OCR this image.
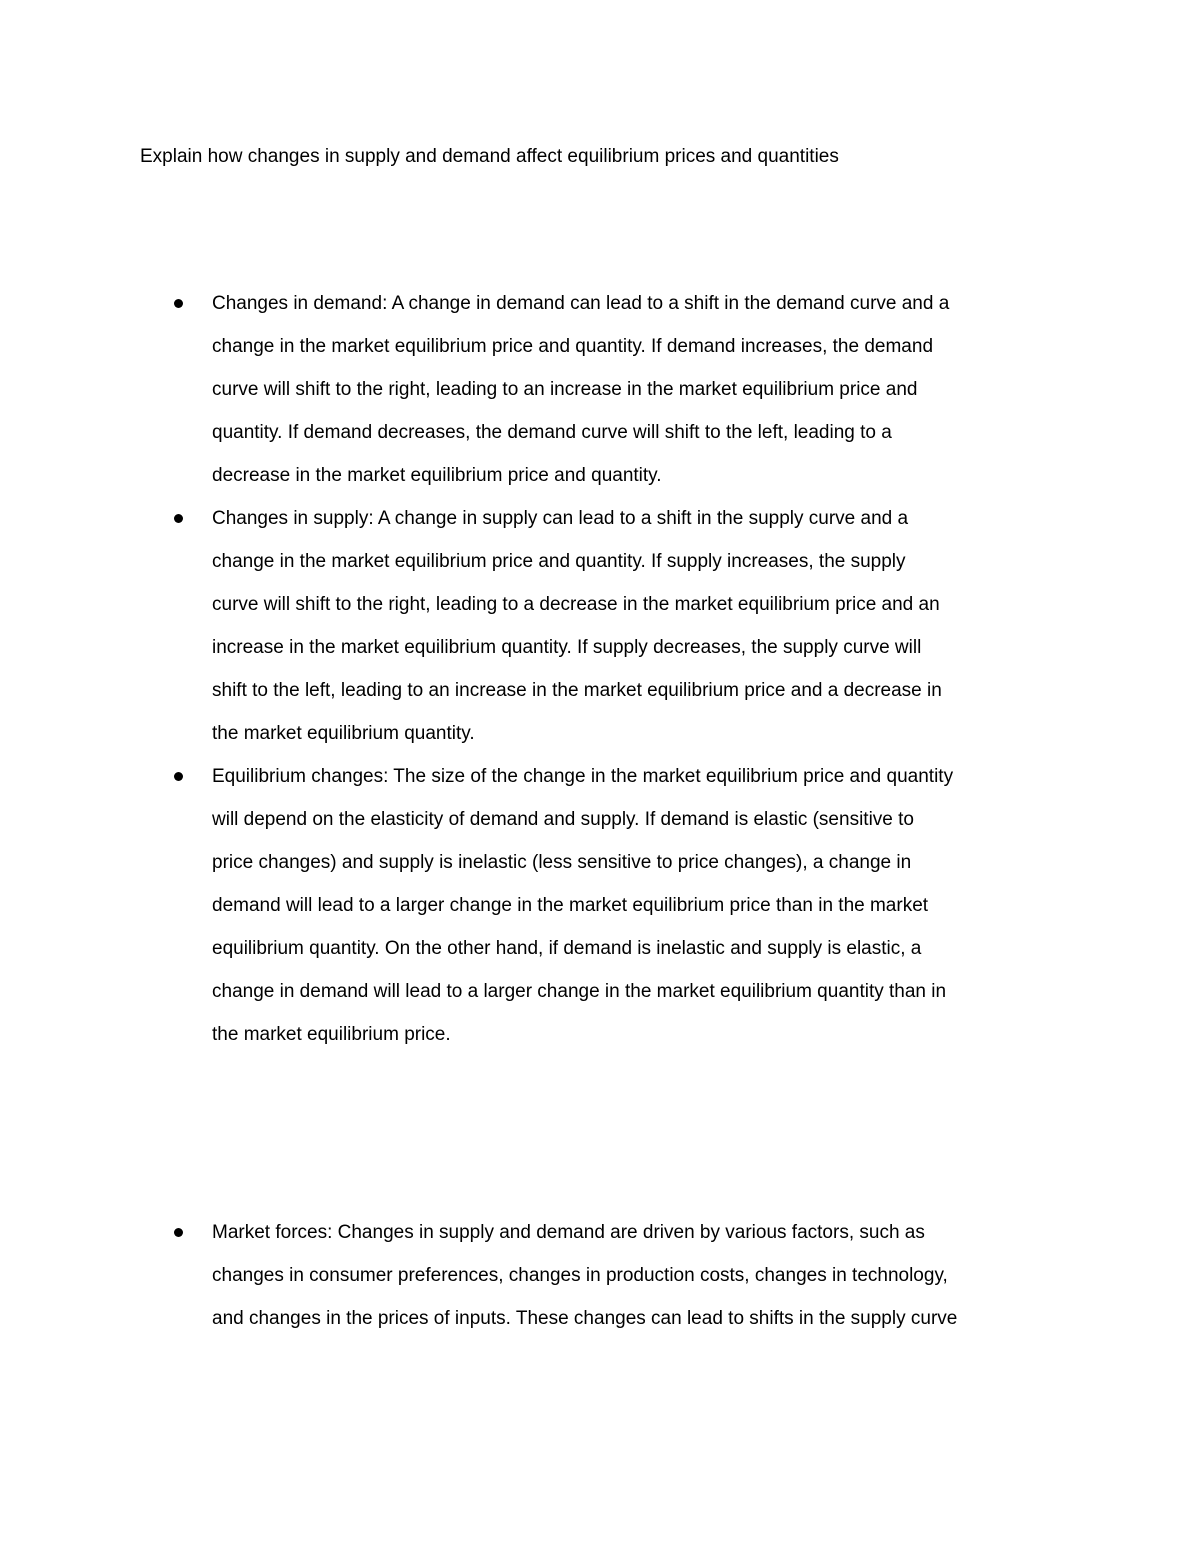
Explain how changes in supply and demand affect equilibrium prices and quantities
Changes in demand: A change in demand can lead to a shift in the demand curve and a
change in the market equilibrium price and quantity. If demand increases, the demand
curve will shift to the right, leading to an increase in the market equilibrium price and
quantity. If demand decreases, the demand curve will shift to the left, leading to a
decrease in the market equilibrium price and quantity.
Changes in supply: A change in supply can lead to a shift in the supply curve and a
change in the market equilibrium price and quantity. If supply increases, the supply
curve will shift to the right, leading to a decrease in the market equilibrium price and an
increase in the market equilibrium quantity. If supply decreases, the supply curve will
shift to the left, leading to an increase in the market equilibrium price and a decrease in
the market equilibrium quantity.
Equilibrium changes: The size of the change in the market equilibrium price and quantity
will depend on the elasticity of demand and supply. If demand is elastic (sensitive to
price changes) and supply is inelastic (less sensitive to price changes), a change in
demand will lead to a larger change in the market equilibrium price than in the market
equilibrium quantity. On the other hand, if demand is inelastic and supply is elastic, a
change in demand will lead to a larger change in the market equilibrium quantity than in
the market equilibrium price.
Market forces: Changes in supply and demand are driven by various factors, such as
changes in consumer preferences, changes in production costs, changes in technology,
and changes in the prices of inputs. These changes can lead to shifts in the supply curve
